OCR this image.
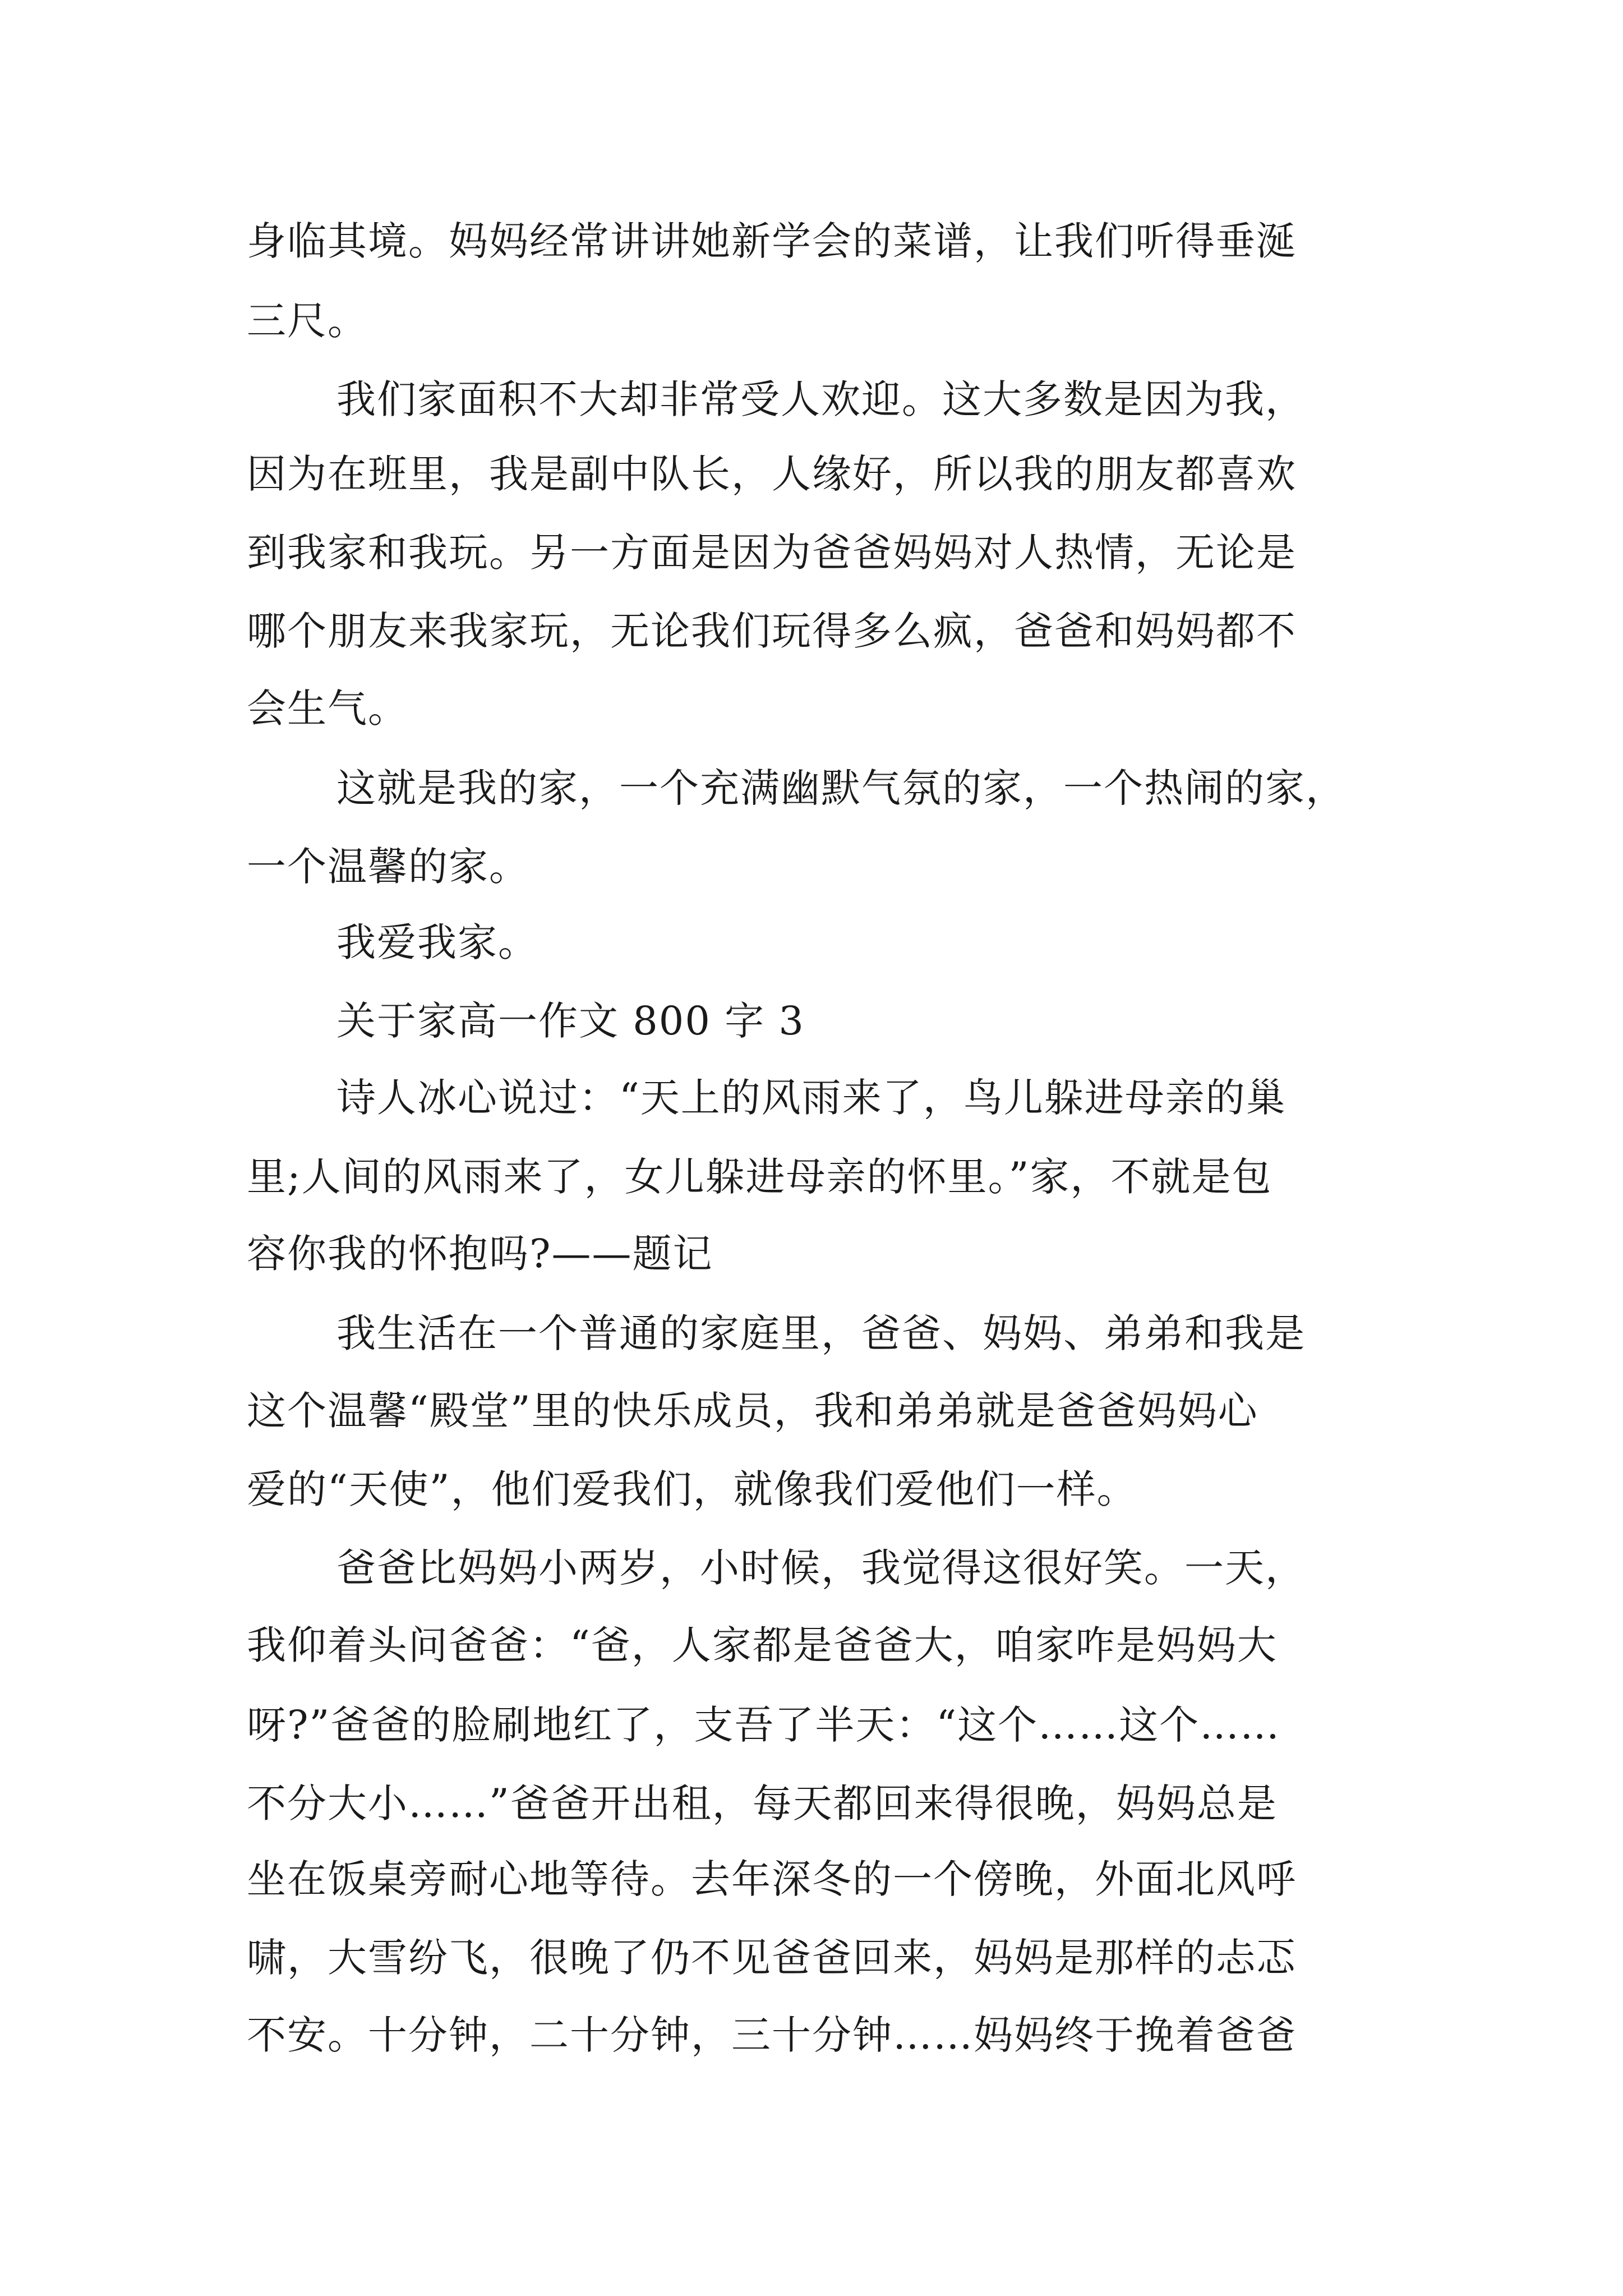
身临其境。妈妈经常讲讲她新学会的菜谱，让我们听得垂涎
三尺。
我们家面积不大却非常受人欢迎。这大多数是因为我，
因为在班里，我是副中队长，人缘好，所以我的朋友都喜欢
到我家和我玩。另一方面是因为爸爸妈妈对人热情，无论是
哪个朋友来我家玩，无论我们玩得多么疯，爸爸和妈妈都不
会生气。
这就是我的家，一个充满幽默气氛的家，一个热闹的家，
一个温馨的家。
我爱我家。
关于家高一作文 800 字 3
诗人冰心说过：“天上的风雨来了，鸟儿躲进母亲的巢
里;人间的风雨来了，女儿躲进母亲的怀里。”家，不就是包
容你我的怀抱吗?——题记
我生活在一个普通的家庭里，爸爸、妈妈、弟弟和我是
这个温馨“殿堂”里的快乐成员，我和弟弟就是爸爸妈妈心
爱的“天使”，他们爱我们，就像我们爱他们一样。
爸爸比妈妈小两岁，小时候，我觉得这很好笑。一天，
我仰着头问爸爸：“爸，人家都是爸爸大，咱家咋是妈妈大
呀?”爸爸的脸刷地红了，支吾了半天：“这个……这个……
不分大小……”爸爸开出租，每天都回来得很晚，妈妈总是
坐在饭桌旁耐心地等待。去年深冬的一个傍晚，外面北风呼
啸，大雪纷飞，很晚了仍不见爸爸回来，妈妈是那样的忐忑
不安。十分钟，二十分钟，三十分钟……妈妈终于挽着爸爸
